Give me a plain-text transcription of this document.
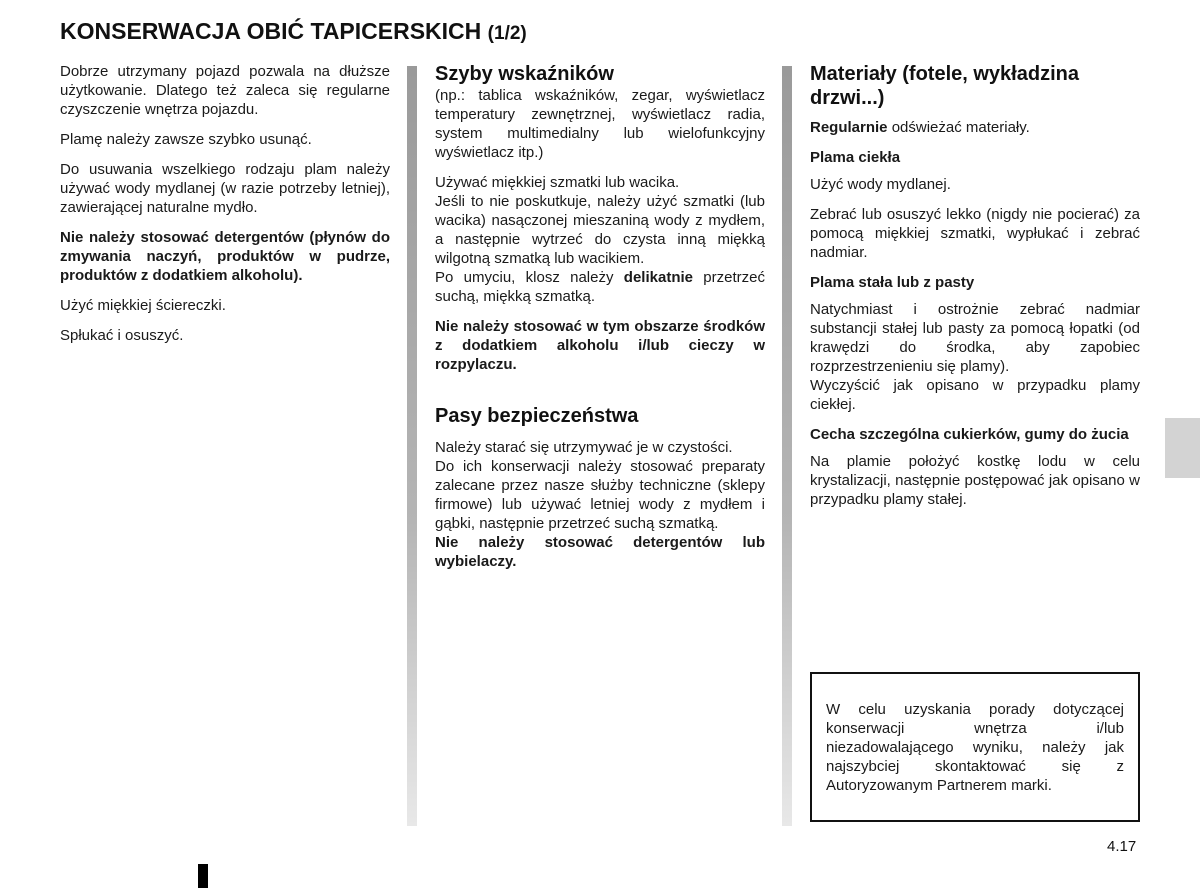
KONSERWACJA OBIĆ TAPICERSKICH (1/2)

Dobrze utrzymany pojazd pozwala na dłuższe użytkowanie. Dlatego też zaleca się regularne czyszczenie wnętrza pojazdu.

Plamę należy zawsze szybko usunąć.

Do usuwania wszelkiego rodzaju plam należy używać wody mydlanej (w razie potrzeby letniej), zawierającej naturalne mydło.

Nie należy stosować detergentów (płynów do zmywania naczyń, produktów w pudrze, produktów z dodatkiem alkoholu).

Użyć miękkiej ściereczki.

Spłukać i osuszyć.

Szyby wskaźników

(np.: tablica wskaźników, zegar, wyświetlacz temperatury zewnętrznej, wyświetlacz radia, system multimedialny lub wielofunkcyjny wyświetlacz itp.)

Używać miękkiej szmatki lub wacika.

Jeśli to nie poskutkuje, należy użyć szmatki (lub wacika) nasączonej mieszaniną wody z mydłem, a następnie wytrzeć do czysta inną miękką wilgotną szmatką lub wacikiem.

Po umyciu, klosz należy delikatnie przetrzeć suchą, miękką szmatką.

Nie należy stosować w tym obszarze środków z dodatkiem alkoholu i/lub cieczy w rozpylaczu.

Pasy bezpieczeństwa

Należy starać się utrzymywać je w czystości.

Do ich konserwacji należy stosować preparaty zalecane przez nasze służby techniczne (sklepy firmowe) lub używać letniej wody z mydłem i gąbki, następnie przetrzeć suchą szmatką.

Nie należy stosować detergentów lub wybielaczy.

Materiały (fotele, wykładzina drzwi...)

Regularnie odświeżać materiały.

Plama ciekła

Użyć wody mydlanej.

Zebrać lub osuszyć lekko (nigdy nie pocierać) za pomocą miękkiej szmatki, wypłukać i zebrać nadmiar.

Plama stała lub z pasty

Natychmiast i ostrożnie zebrać nadmiar substancji stałej lub pasty za pomocą łopatki (od krawędzi do środka, aby zapobiec rozprzestrzenieniu się plamy).

Wyczyścić jak opisano w przypadku plamy ciekłej.

Cecha szczególna cukierków, gumy do żucia

Na plamie położyć kostkę lodu w celu krystalizacji, następnie postępować jak opisano w przypadku plamy stałej.

W celu uzyskania porady dotyczącej konserwacji wnętrza i/lub niezadowalającego wyniku, należy jak najszybciej skontaktować się z Autoryzowanym Partnerem marki.
4.17
